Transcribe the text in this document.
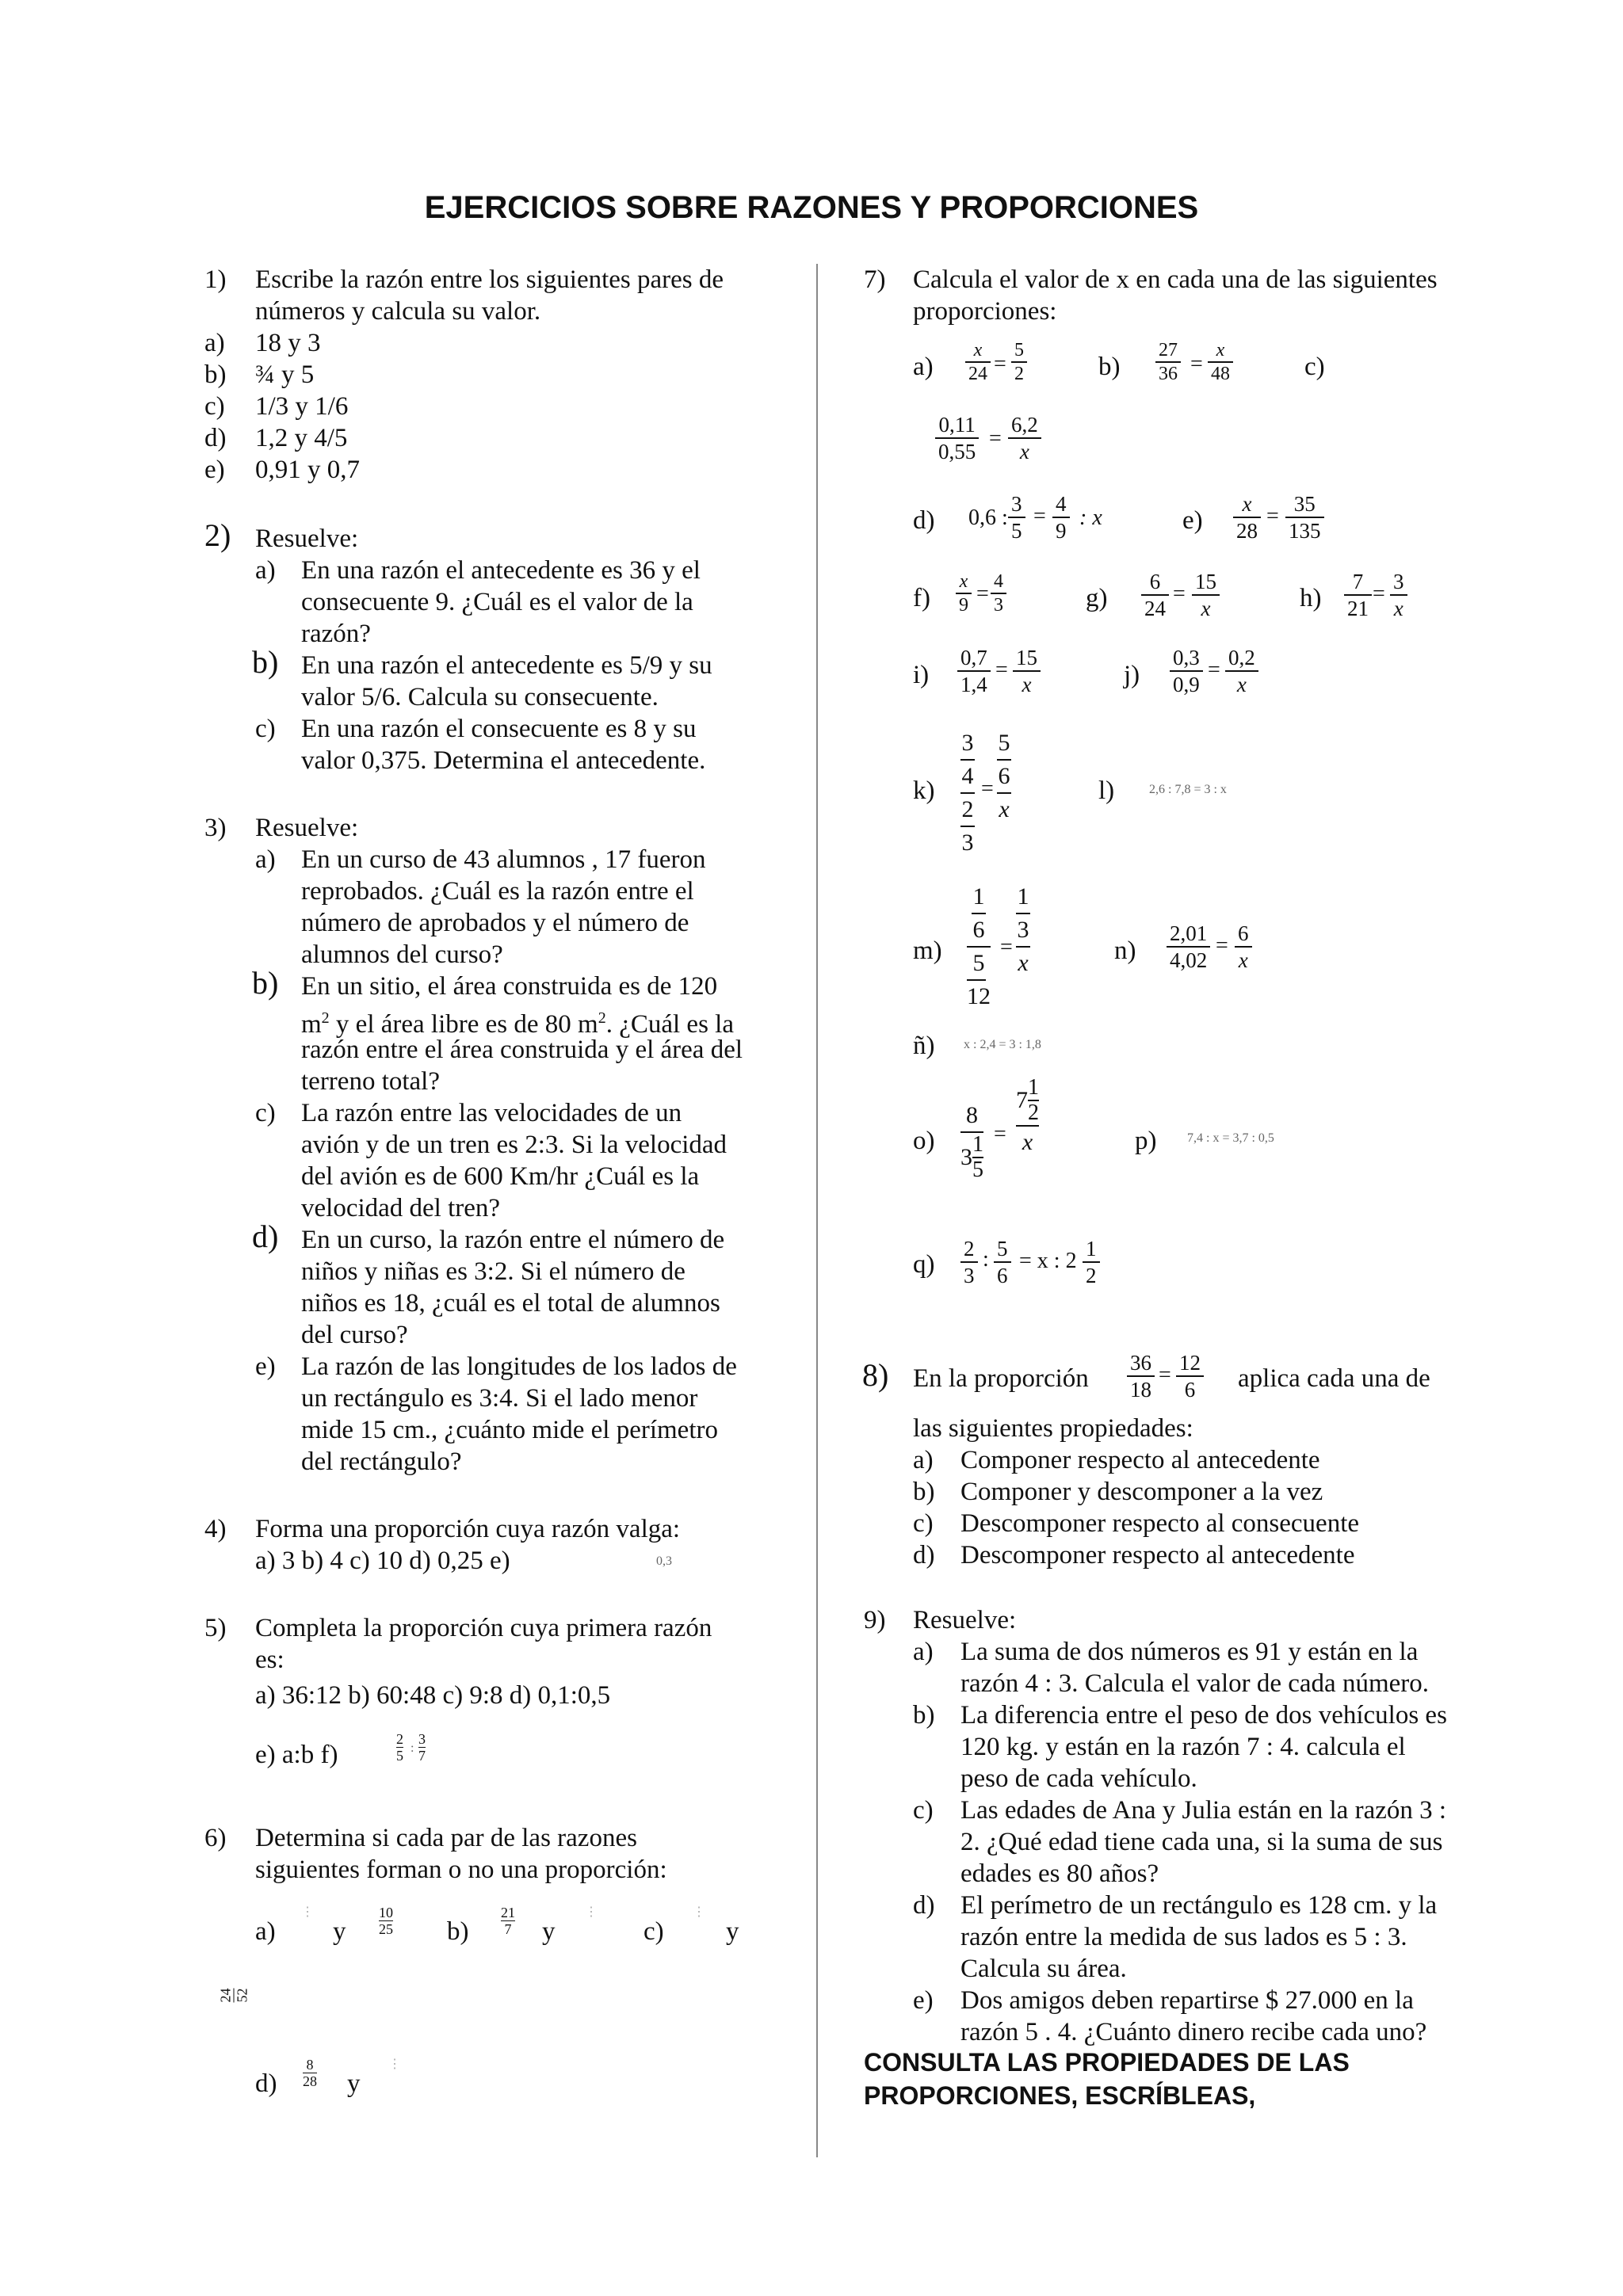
EJERCICIOS SOBRE RAZONES Y PROPORCIONES
1) Escribe la razón entre los siguientes pares de
números y calcula su valor.
a) 18 y 3
b) ¾ y 5
c) 1/3 y 1/6
d) 1,2 y 4/5
e) 0,91 y 0,7
2) Resuelve:
a) En una razón el antecedente es 36 y el
consecuente 9. ¿Cuál es el valor de la
razón?
b) En una razón el antecedente es 5/9 y su
valor 5/6. Calcula su consecuente.
c) En una razón el consecuente es 8 y su
valor 0,375. Determina el antecedente.
3) Resuelve:
a) En un curso de 43 alumnos , 17 fueron
reprobados. ¿Cuál es la razón entre el
número de aprobados y el número de
alumnos del curso?
b) En un sitio, el área construida es de 120
$m^2$ y el área libre es de 80 $m^2$. ¿Cuál es la
razón entre el área construida y el área del
terreno total?
c) La razón entre las velocidades de un
avión y de un tren es 2:3. Si la velocidad
del avión es de 600 Km/hr ¿Cuál es la
velocidad del tren?
d) En un curso, la razón entre el número de
niños y niñas es 3:2. Si el número de
niños es 18, ¿cuál es el total de alumnos
del curso?
e) La razón de las longitudes de los lados de
un rectángulo es 3:4. Si el lado menor
mide 15 cm., ¿cuánto mide el perímetro
del rectángulo?
4) Forma una proporción cuya razón valga:
a) 3 b) 4 c) 10 d) 0,25 e)	0,3
5) Completa la proporción cuya primera razón
es:
a) 36:12 b) 60:48 c) 9:8 d) 0,1:0,5
e) a:b f)
2
5 :
3
7
6) Determina si cada par de las razones
siguientes forman o no una proporción:
a)
⋮
y
10
25 b)
21
7 y
⋮
c)
⋮
y
24 52
d)
8
28 y
⋮
7) Calcula el valor de x en cada una de las siguientes
proporciones:
a)
x
24 =
5
2	b)
27
36 =
x
48	c)
0,11
0,55
=
6,2
x
d) 0,6 :
3
5
= 4
9
: x	e)
x
28
= 35
135
f)
x
9 = 4
3	g)
6
24
= 15
x	h)
7
21
= 3
x
i)
0,7
1,4
= 15
x	j)
0,3
0,9
= 0,2
x
k)
3
4
2
3
=
5
6
x
l)	2,6 : 7,8 = 3 : x
m)
1
6
5
12
=
1
3
x	n)
2,01
4,02
= 6
x
ñ) x : 2,4 = 3 : 1,8
o)
8
3 1
5
=
7 1
2
x	p) 7,4 : x = 3,7 : 0,5
q)
2
3
: 5
6
= x : 2 1
2
8) En la proporción
36
18
= 12
6 aplica cada una de
las siguientes propiedades:
a) Componer respecto al antecedente
b) Componer y descomponer a la vez
c) Descomponer respecto al consecuente
d) Descomponer respecto al antecedente
9) Resuelve:
a) La suma de dos números es 91 y están en la
razón 4 : 3. Calcula el valor de cada número.
b) La diferencia entre el peso de dos vehículos es
120 kg. y están en la razón 7 : 4. calcula el
peso de cada vehículo.
c) Las edades de Ana y Julia están en la razón 3 :
2. ¿Qué edad tiene cada una, si la suma de sus
edades es 80 años?
d) El perímetro de un rectángulo es 128 cm. y la
razón entre la medida de sus lados es 5 : 3.
Calcula su área.
e) Dos amigos deben repartirse $ 27.000 en la
razón 5 . 4. ¿Cuánto dinero recibe cada uno?
CONSULTA LAS PROPIEDADES DE LAS
PROPORCIONES, ESCRÍBLEAS,
